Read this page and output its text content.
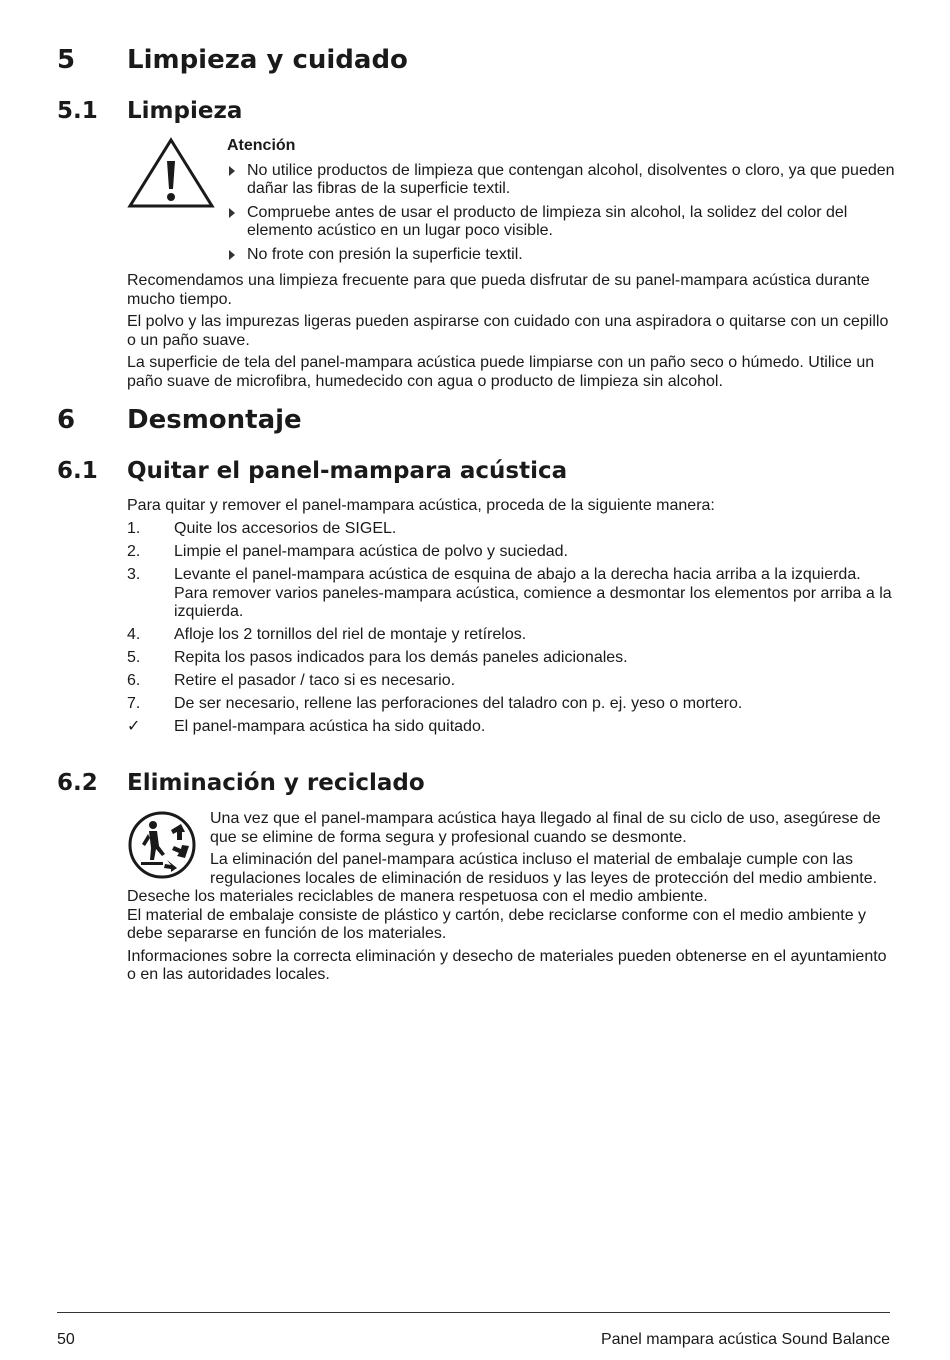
5 Limpieza y cuidado
5.1 Limpieza
Atención
No utilice productos de limpieza que contengan alcohol, disolventes o cloro, ya que pueden dañar las fibras de la superficie textil.
Compruebe antes de usar el producto de limpieza sin alcohol, la solidez del color del elemento acústico en un lugar poco visible.
No frote con presión la superficie textil.

Recomendamos una limpieza frecuente para que pueda disfrutar de su panel-mampara acústica durante mucho tiempo.

El polvo y las impurezas ligeras pueden aspirarse con cuidado con una aspiradora o quitarse con un cepillo o un paño suave.

La superficie de tela del panel-mampara acústica puede limpiarse con un paño seco o húmedo. Utilice un paño suave de microfibra, humedecido con agua o producto de limpieza sin alcohol.

6 Desmontaje
6.1 Quitar el panel-mampara acústica
Para quitar y remover el panel-mampara acústica, proceda de la siguiente manera:
1. Quite los accesorios de SIGEL.
2. Limpie el panel-mampara acústica de polvo y suciedad.
3. Levante el panel-mampara acústica de esquina de abajo a la derecha hacia arriba a la izquierda.
Para remover varios paneles-mampara acústica, comience a desmontar los elementos por arriba a la izquierda.
4. Afloje los 2 tornillos del riel de montaje y retírelos.
5. Repita los pasos indicados para los demás paneles adicionales.
6. Retire el pasador / taco si es necesario.
7. De ser necesario, rellene las perforaciones del taladro con p. ej. yeso o mortero.
✓ El panel-mampara acústica ha sido quitado.
6.2 Eliminación y reciclado

Una vez que el panel-mampara acústica haya llegado al final de su ciclo de uso, asegúrese de que se elimine de forma segura y profesional cuando se desmonte.

La eliminación del panel-mampara acústica incluso el material de embalaje cumple con las regulaciones locales de eliminación de residuos y las leyes de protección del medio ambiente. Deseche los materiales reciclables de manera respetuosa con el medio ambiente.

El material de embalaje consiste de plástico y cartón, debe reciclarse conforme con el medio ambiente y debe separarse en función de los materiales.

Informaciones sobre la correcta eliminación y desecho de materiales pueden obtenerse en el ayuntamiento o en las autoridades locales.

50	Panel mampara acústica Sound Balance
